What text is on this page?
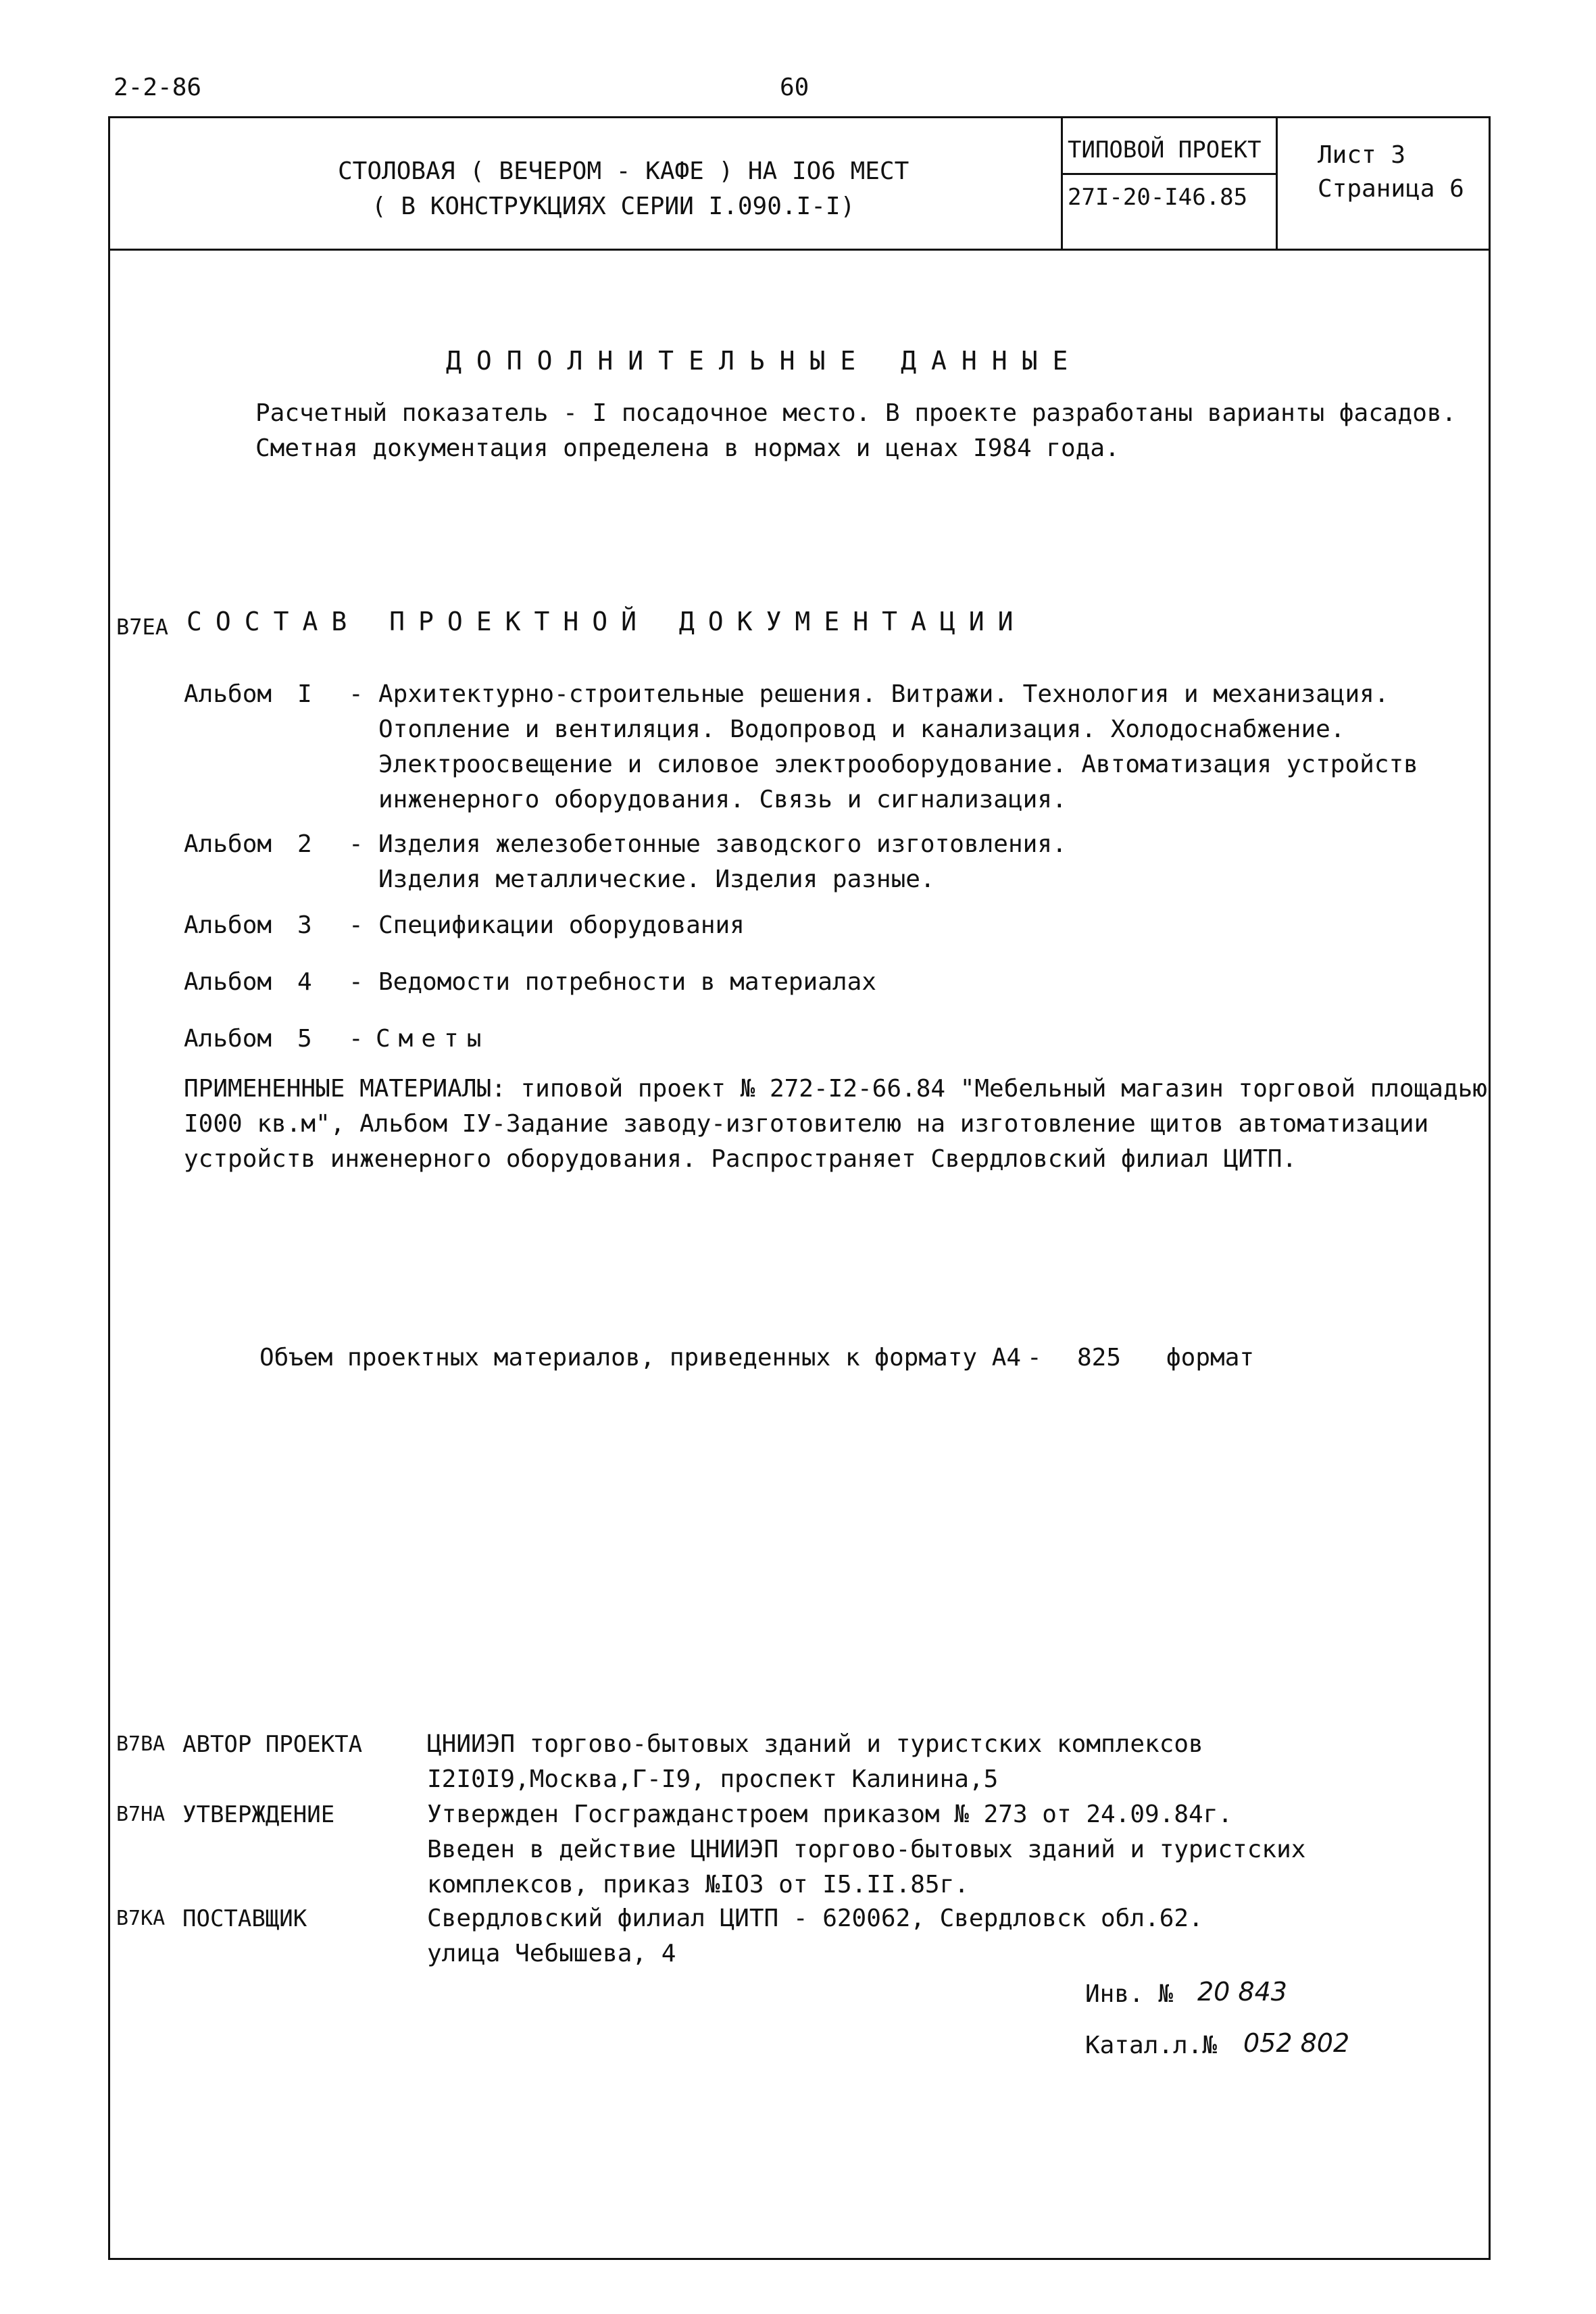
2-2-86	60
СТОЛОВАЯ ( ВЕЧЕРОМ - КАФЕ ) НА IO6 МЕСТ
( В КОНСТРУКЦИЯХ СЕРИИ I.090.I-I)
ТИПОВОЙ ПРОЕКТ
27I-20-I46.85
Лист 3
Страница 6
ДОПОЛНИТЕЛЬНЫЕ ДАННЫЕ
Расчетный показатель - I посадочное место. В проекте разработаны варианты фасадов.
Сметная документация определена в нормах и ценах I984 года.
В7ЕА СОСТАВ ПРОЕКТНОЙ ДОКУМЕНТАЦИИ
Альбом I - Архитектурно-строительные решения. Витражи. Технология и механизация.
Отопление и вентиляция. Водопровод и канализация. Холодоснабжение.
Электроосвещение и силовое электрооборудование. Автоматизация устройств
инженерного оборудования. Связь и сигнализация.
Альбом 2 - Изделия железобетонные заводского изготовления.
Изделия металлические. Изделия разные.
Альбом 3 - Спецификации оборудования
Альбом 4 - Ведомости потребности в материалах
Альбом 5 - Сметы
ПРИМЕНЕННЫЕ МАТЕРИАЛЫ: типовой проект № 272-I2-66.84 "Мебельный магазин торговой площадью
I000 кв.м", Альбом IУ-Задание заводу-изготовителю на изготовление щитов автоматизации
устройств инженерного оборудования. Распространяет Свердловский филиал ЦИТП.
Объем проектных материалов, приведенных к формату А4 - 825 формат
В7ВА АВТОР ПРОЕКТА	ЦНИИЭП торгово-бытовых зданий и туристских комплексов
I2I0I9,Москва,Г-I9, проспект Калинина,5
В7НА УТВЕРЖДЕНИЕ	Утвержден Госгражданстроем приказом № 273 от 24.09.84г.
Введен в действие ЦНИИЭП торгово-бытовых зданий и туристских
комплексов, приказ №IО3 от I5.II.85г.
В7КА ПОСТАВЩИК	Свердловский филиал ЦИТП - 620062, Свердловск обл.62.
улица Чебышева, 4
Инв. № 20 843
Катал.л.№ 052 802
